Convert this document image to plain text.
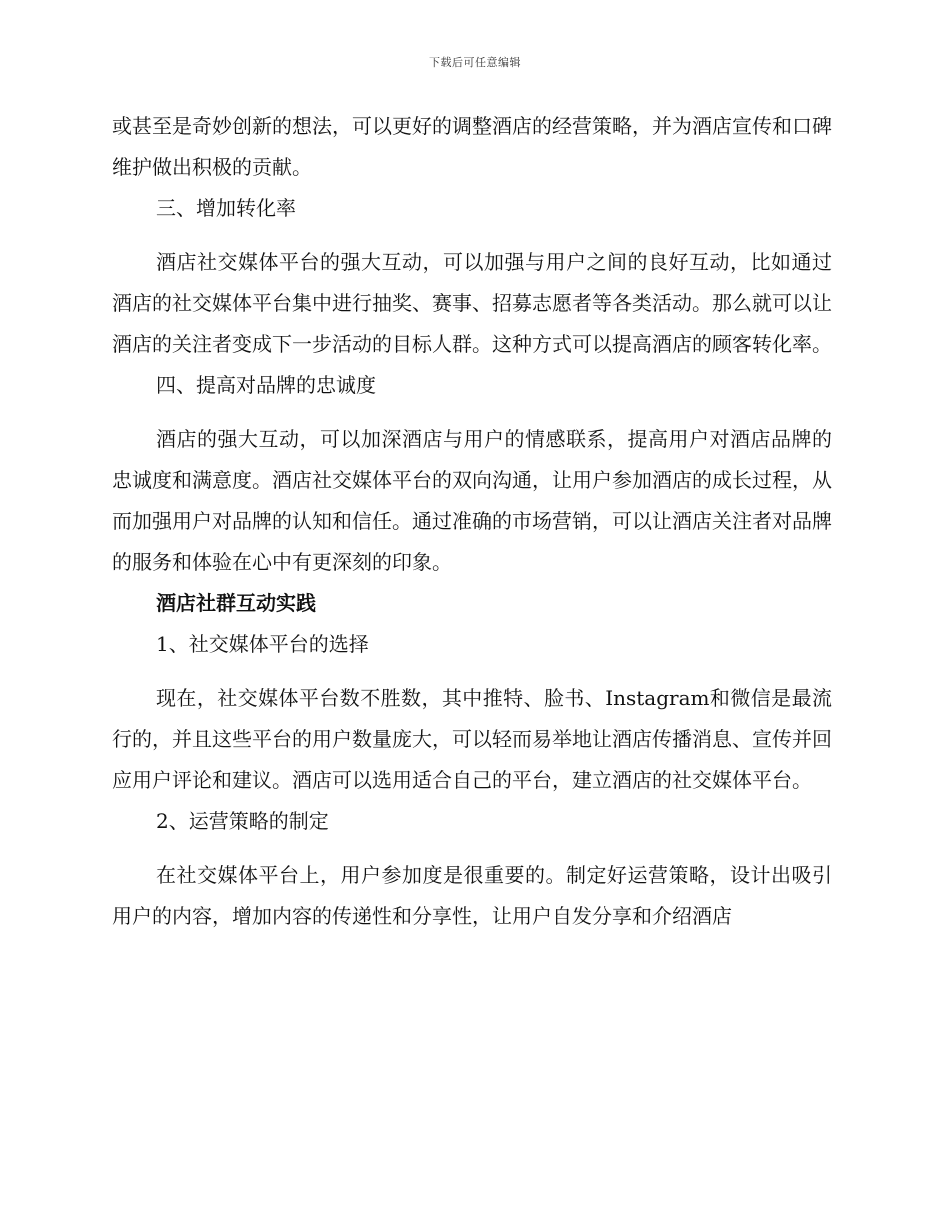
下载后可任意编辑

或甚至是奇妙创新的想法，可以更好的调整酒店的经营策略，并为酒店宣传和口碑维护做出积极的贡献。

三、增加转化率

酒店社交媒体平台的强大互动，可以加强与用户之间的良好互动，比如通过酒店的社交媒体平台集中进行抽奖、赛事、招募志愿者等各类活动。那么就可以让酒店的关注者变成下一步活动的目标人群。这种方式可以提高酒店的顾客转化率。

四、提高对品牌的忠诚度

酒店的强大互动，可以加深酒店与用户的情感联系，提高用户对酒店品牌的忠诚度和满意度。酒店社交媒体平台的双向沟通，让用户参加酒店的成长过程，从而加强用户对品牌的认知和信任。通过准确的市场营销，可以让酒店关注者对品牌的服务和体验在心中有更深刻的印象。

酒店社群互动实践

1、社交媒体平台的选择

现在，社交媒体平台数不胜数，其中推特、脸书、Instagram和微信是最流行的，并且这些平台的用户数量庞大，可以轻而易举地让酒店传播消息、宣传并回应用户评论和建议。酒店可以选用适合自己的平台，建立酒店的社交媒体平台。

2、运营策略的制定

在社交媒体平台上，用户参加度是很重要的。制定好运营策略，设计出吸引用户的内容，增加内容的传递性和分享性，让用户自发分享和介绍酒店
